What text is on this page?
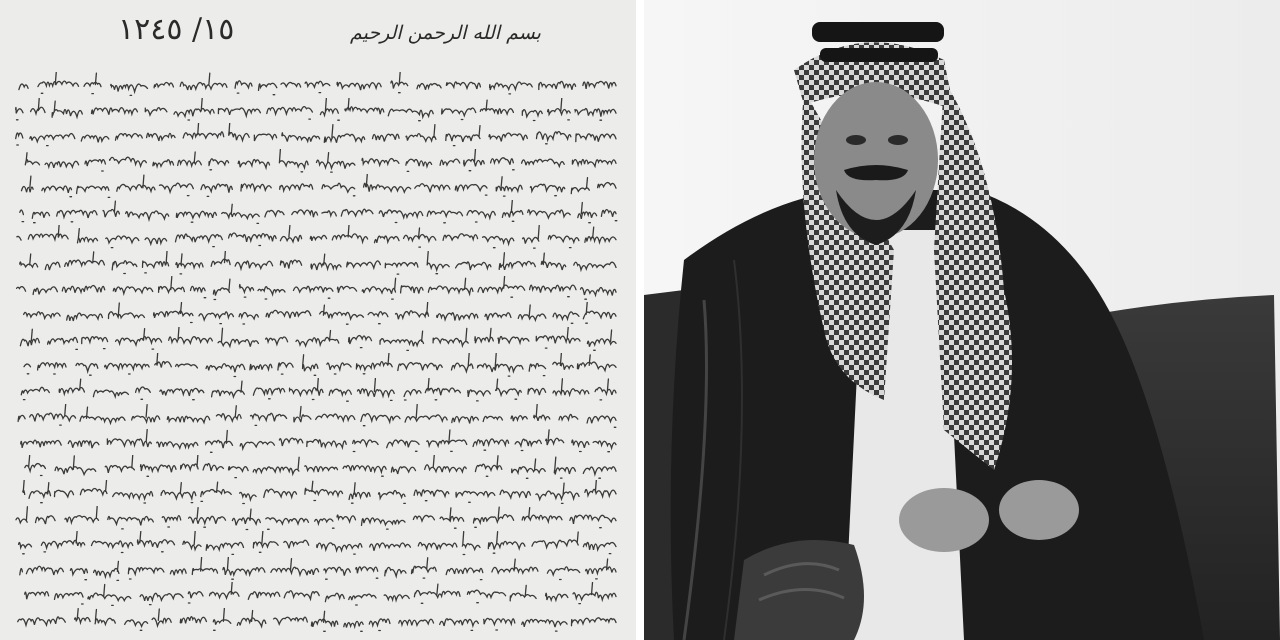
بسم الله الرحمن الرحيم
١٥/ ١٢٤٥
